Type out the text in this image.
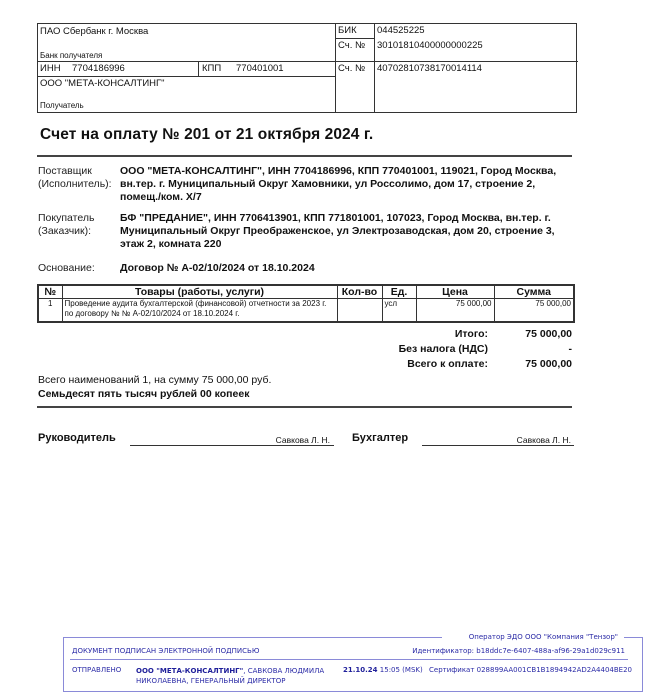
ПАО Сбербанк г. Москва
Банк получателя
ИНН 7704186996	КПП 770401001
ООО "МЕТА-КОНСАЛТИНГ"
Получатель
БИК 044525225
Сч. № 30101810400000000225
Сч. № 40702810738170014114
Счет на оплату № 201 от 21 октября 2024 г.
Поставщик
(Исполнитель):
ООО "МЕТА-КОНСАЛТИНГ", ИНН 7704186996, КПП 770401001, 119021, Город Москва, вн.тер. г. Муниципальный Округ Хамовники, ул Россолимо, дом 17, строение 2, помещ./ком. X/7
Покупатель
(Заказчик):
БФ "ПРЕДАНИЕ", ИНН 7706413901, КПП 771801001, 107023, Город Москва, вн.тер. г. Муниципальный Округ Преображенское, ул Электрозаводская, дом 20, строение 3, этаж 2, комната 220
Основание: Договор № А-02/10/2024 от 18.10.2024
№	Товары (работы, услуги)	Кол-во	Ед.	Цена	Сумма
1	Проведение аудита бухгалтерской (финансовой) отчетности за 2023 г. по договору № № А-02/10/2024 от 18.10.2024 г.		усл	75 000,00	75 000,00
Итого:	75 000,00
Без налога (НДС)	-
Всего к оплате:	75 000,00
Всего наименований 1, на сумму 75 000,00 руб.
Семьдесят пять тысяч рублей 00 копеек
Руководитель	Савкова Л. Н. Бухгалтер	Савкова Л. Н.
Оператор ЭДО ООО "Компания "Тензор"
ДОКУМЕНТ ПОДПИСАН ЭЛЕКТРОННОЙ ПОДПИСЬЮ	Идентификатор: b18ddc7e-6407-488a-af96-29a1d029c911
ОТПРАВЛЕНО ООО "МЕТА-КОНСАЛТИНГ", САВКОВА ЛЮДМИЛА
НИКОЛАЕВНА, ГЕНЕРАЛЬНЫЙ ДИРЕКТОР
21.10.24 15:05 (MSK) Сертификат 028899AA001CB1B1894942AD2A4404BE20
